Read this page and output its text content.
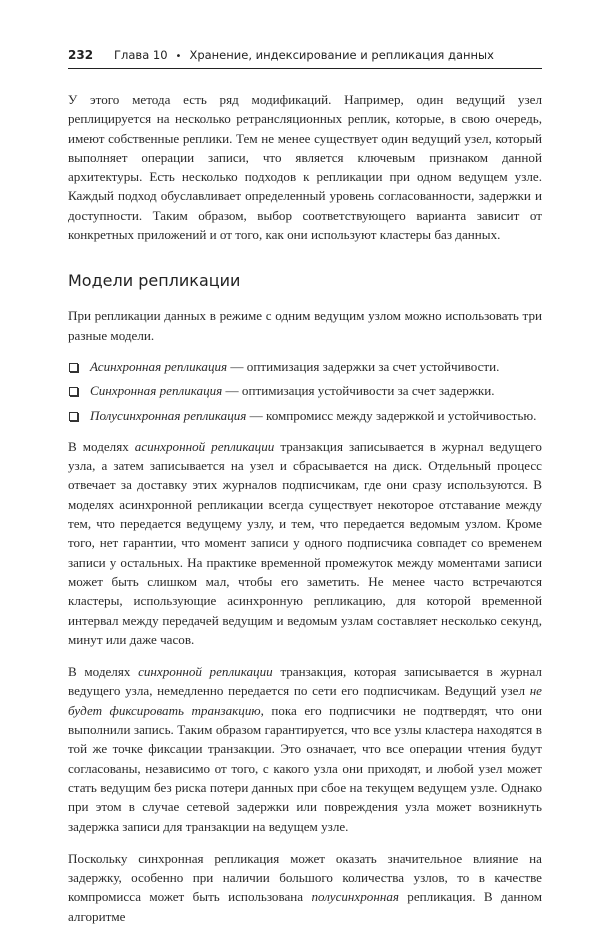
232 Глава 10 • Хранение, индексирование и репликация данных

У этого метода есть ряд модификаций. Например, один ведущий узел реплицируется на несколько ретрансляционных реплик, которые, в свою очередь, имеют собственные реплики. Тем не менее существует один ведущий узел, который выполняет операции записи, что является ключевым признаком данной архитектуры. Есть несколько подходов к репликации при одном ведущем узле. Каждый подход обуславливает определенный уровень согласованности, задержки и доступности. Таким образом, выбор соответствующего варианта зависит от конкретных приложений и от того, как они используют кластеры баз данных.

Модели репликации

При репликации данных в режиме с одним ведущим узлом можно использовать три разные модели.

Асинхронная репликация — оптимизация задержки за счет устойчивости.
Синхронная репликация — оптимизация устойчивости за счет задержки.
Полусинхронная репликация — компромисс между задержкой и устойчивостью.

В моделях асинхронной репликации транзакция записывается в журнал ведущего узла, а затем записывается на узел и сбрасывается на диск. Отдельный процесс отвечает за доставку этих журналов подписчикам, где они сразу используются. В моделях асинхронной репликации всегда существует некоторое отставание между тем, что передается ведущему узлу, и тем, что передается ведомым узлом. Кроме того, нет гарантии, что момент записи у одного подписчика совпадет со временем записи у остальных. На практике временной промежуток между моментами записи может быть слишком мал, чтобы его заметить. Не менее часто встречаются кластеры, использующие асинхронную репликацию, для которой временной интервал между передачей ведущим и ведомым узлам составляет несколько секунд, минут или даже часов.

В моделях синхронной репликации транзакция, которая записывается в журнал ведущего узла, немедленно передается по сети его подписчикам. Ведущий узел не будет фиксировать транзакцию, пока его подписчики не подтвердят, что они выполнили запись. Таким образом гарантируется, что все узлы кластера находятся в той же точке фиксации транзакции. Это означает, что все операции чтения будут согласованы, независимо от того, с какого узла они приходят, и любой узел может стать ведущим без риска потери данных при сбое на текущем ведущем узле. Однако при этом в случае сетевой задержки или повреждения узла может возникнуть задержка записи для транзакции на ведущем узле.

Поскольку синхронная репликация может оказать значительное влияние на задержку, особенно при наличии большого количества узлов, то в качестве компромисса может быть использована полусинхронная репликация. В данном алгоритме
